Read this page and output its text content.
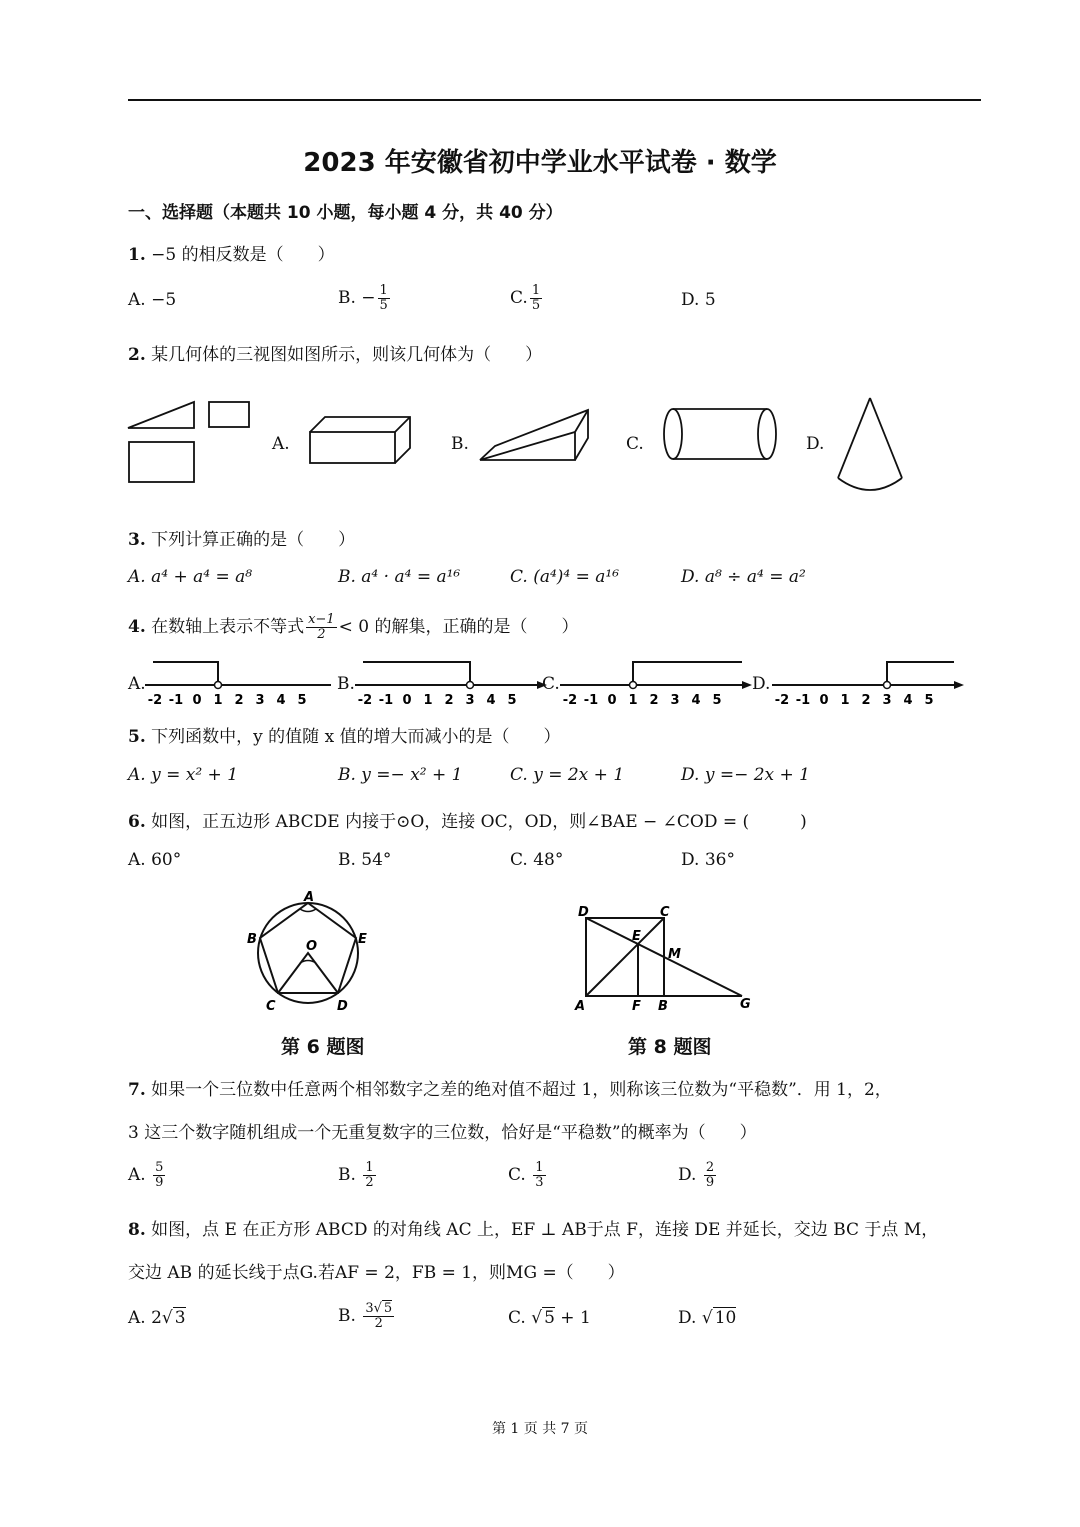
2023 年安徽省初中学业水平试卷 · 数学
一、选择题（本题共 10 小题，每小题 4 分，共 40 分）
1. −5 的相反数是（　　）
A. −5	B. − $\frac{1}{5}$	C. $\frac{1}{5}$	D. 5
2. 某几何体的三视图如图所示，则该几何体为（　　）
A.	B.	C.	D.
3. 下列计算正确的是（　　）
A. a⁴ + a⁴ = a⁸	B. a⁴ · a⁴ = a¹⁶	C. (a⁴)⁴ = a¹⁶	D. a⁸ ÷ a⁴ = a²
4. 在数轴上表示不等式 $\frac{x-1}{2} < 0$ 的解集，正确的是（　　）
-2 -1 0 1 2 3 4 5	-2 -1 0 1 2 3 4 5	-2 -1 0 1 2 3 4 5	-2 -1 0 1 2 3 4 5
A.	B.	C.	D.
5. 下列函数中，y 的值随 x 值的增大而减小的是（　　）
A. y = x² + 1	B. y =− x² + 1	C. y = 2x + 1	D. y =− 2x + 1
6. 如图，正五边形 ABCDE 内接于⊙O，连接 OC，OD，则∠BAE − ∠COD = (　　　)
A. 60°	B. 54°	C. 48°	D. 36°
A
B
C	D
E
O
第 6 题图
D	C
E
M
A	F B	G
第 8 题图
7. 如果一个三位数中任意两个相邻数字之差的绝对值不超过 1，则称该三位数为“平稳数”．用 1，2，
3 这三个数字随机组成一个无重复数字的三位数，恰好是“平稳数”的概率为（　　）
A. $\frac{5}{9}$	B. $\frac{1}{2}$	C. $\frac{1}{3}$	D. $\frac{2}{9}$
8. 如图，点 E 在正方形 ABCD 的对角线 AC 上，EF ⊥ AB于点 F，连接 DE 并延长，交边 BC 于点 M，
交边 AB 的延长线于点G.若AF = 2，FB = 1，则MG =（　　）
A. 2√ 3	B. $\frac{3√ 5}{2}$	C. √ 5 + 1	D. √ 10
第 1 页 共 7 页
